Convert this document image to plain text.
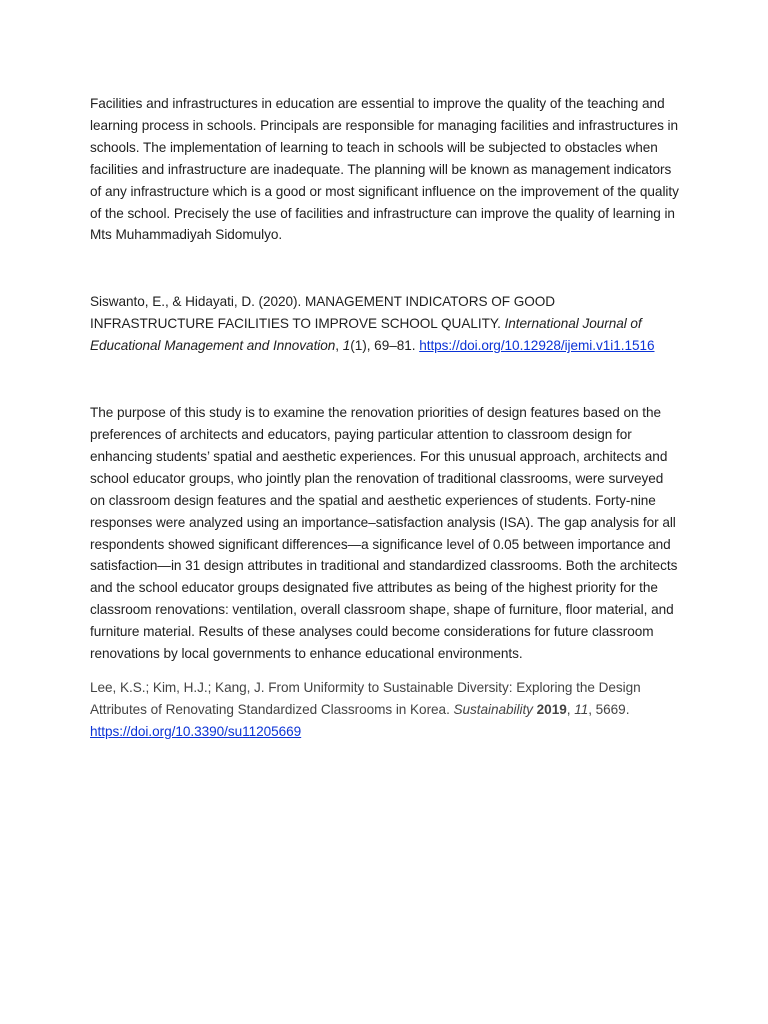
Facilities and infrastructures in education are essential to improve the quality of the teaching and learning process in schools. Principals are responsible for managing facilities and infrastructures in schools. The implementation of learning to teach in schools will be subjected to obstacles when facilities and infrastructure are inadequate. The planning will be known as management indicators of any infrastructure which is a good or most significant influence on the improvement of the quality of the school. Precisely the use of facilities and infrastructure can improve the quality of learning in Mts Muhammadiyah Sidomulyo.

Siswanto, E., & Hidayati, D. (2020). MANAGEMENT INDICATORS OF GOOD INFRASTRUCTURE FACILITIES TO IMPROVE SCHOOL QUALITY. International Journal of Educational Management and Innovation, 1(1), 69–81. https://doi.org/10.12928/ijemi.v1i1.1516

The purpose of this study is to examine the renovation priorities of design features based on the preferences of architects and educators, paying particular attention to classroom design for enhancing students’ spatial and aesthetic experiences. For this unusual approach, architects and school educator groups, who jointly plan the renovation of traditional classrooms, were surveyed on classroom design features and the spatial and aesthetic experiences of students. Forty-nine responses were analyzed using an importance–satisfaction analysis (ISA). The gap analysis for all respondents showed significant differences—a significance level of 0.05 between importance and satisfaction—in 31 design attributes in traditional and standardized classrooms. Both the architects and the school educator groups designated five attributes as being of the highest priority for the classroom renovations: ventilation, overall classroom shape, shape of furniture, floor material, and furniture material. Results of these analyses could become considerations for future classroom renovations by local governments to enhance educational environments.

Lee, K.S.; Kim, H.J.; Kang, J. From Uniformity to Sustainable Diversity: Exploring the Design Attributes of Renovating Standardized Classrooms in Korea. Sustainability 2019, 11, 5669.
https://doi.org/10.3390/su11205669
